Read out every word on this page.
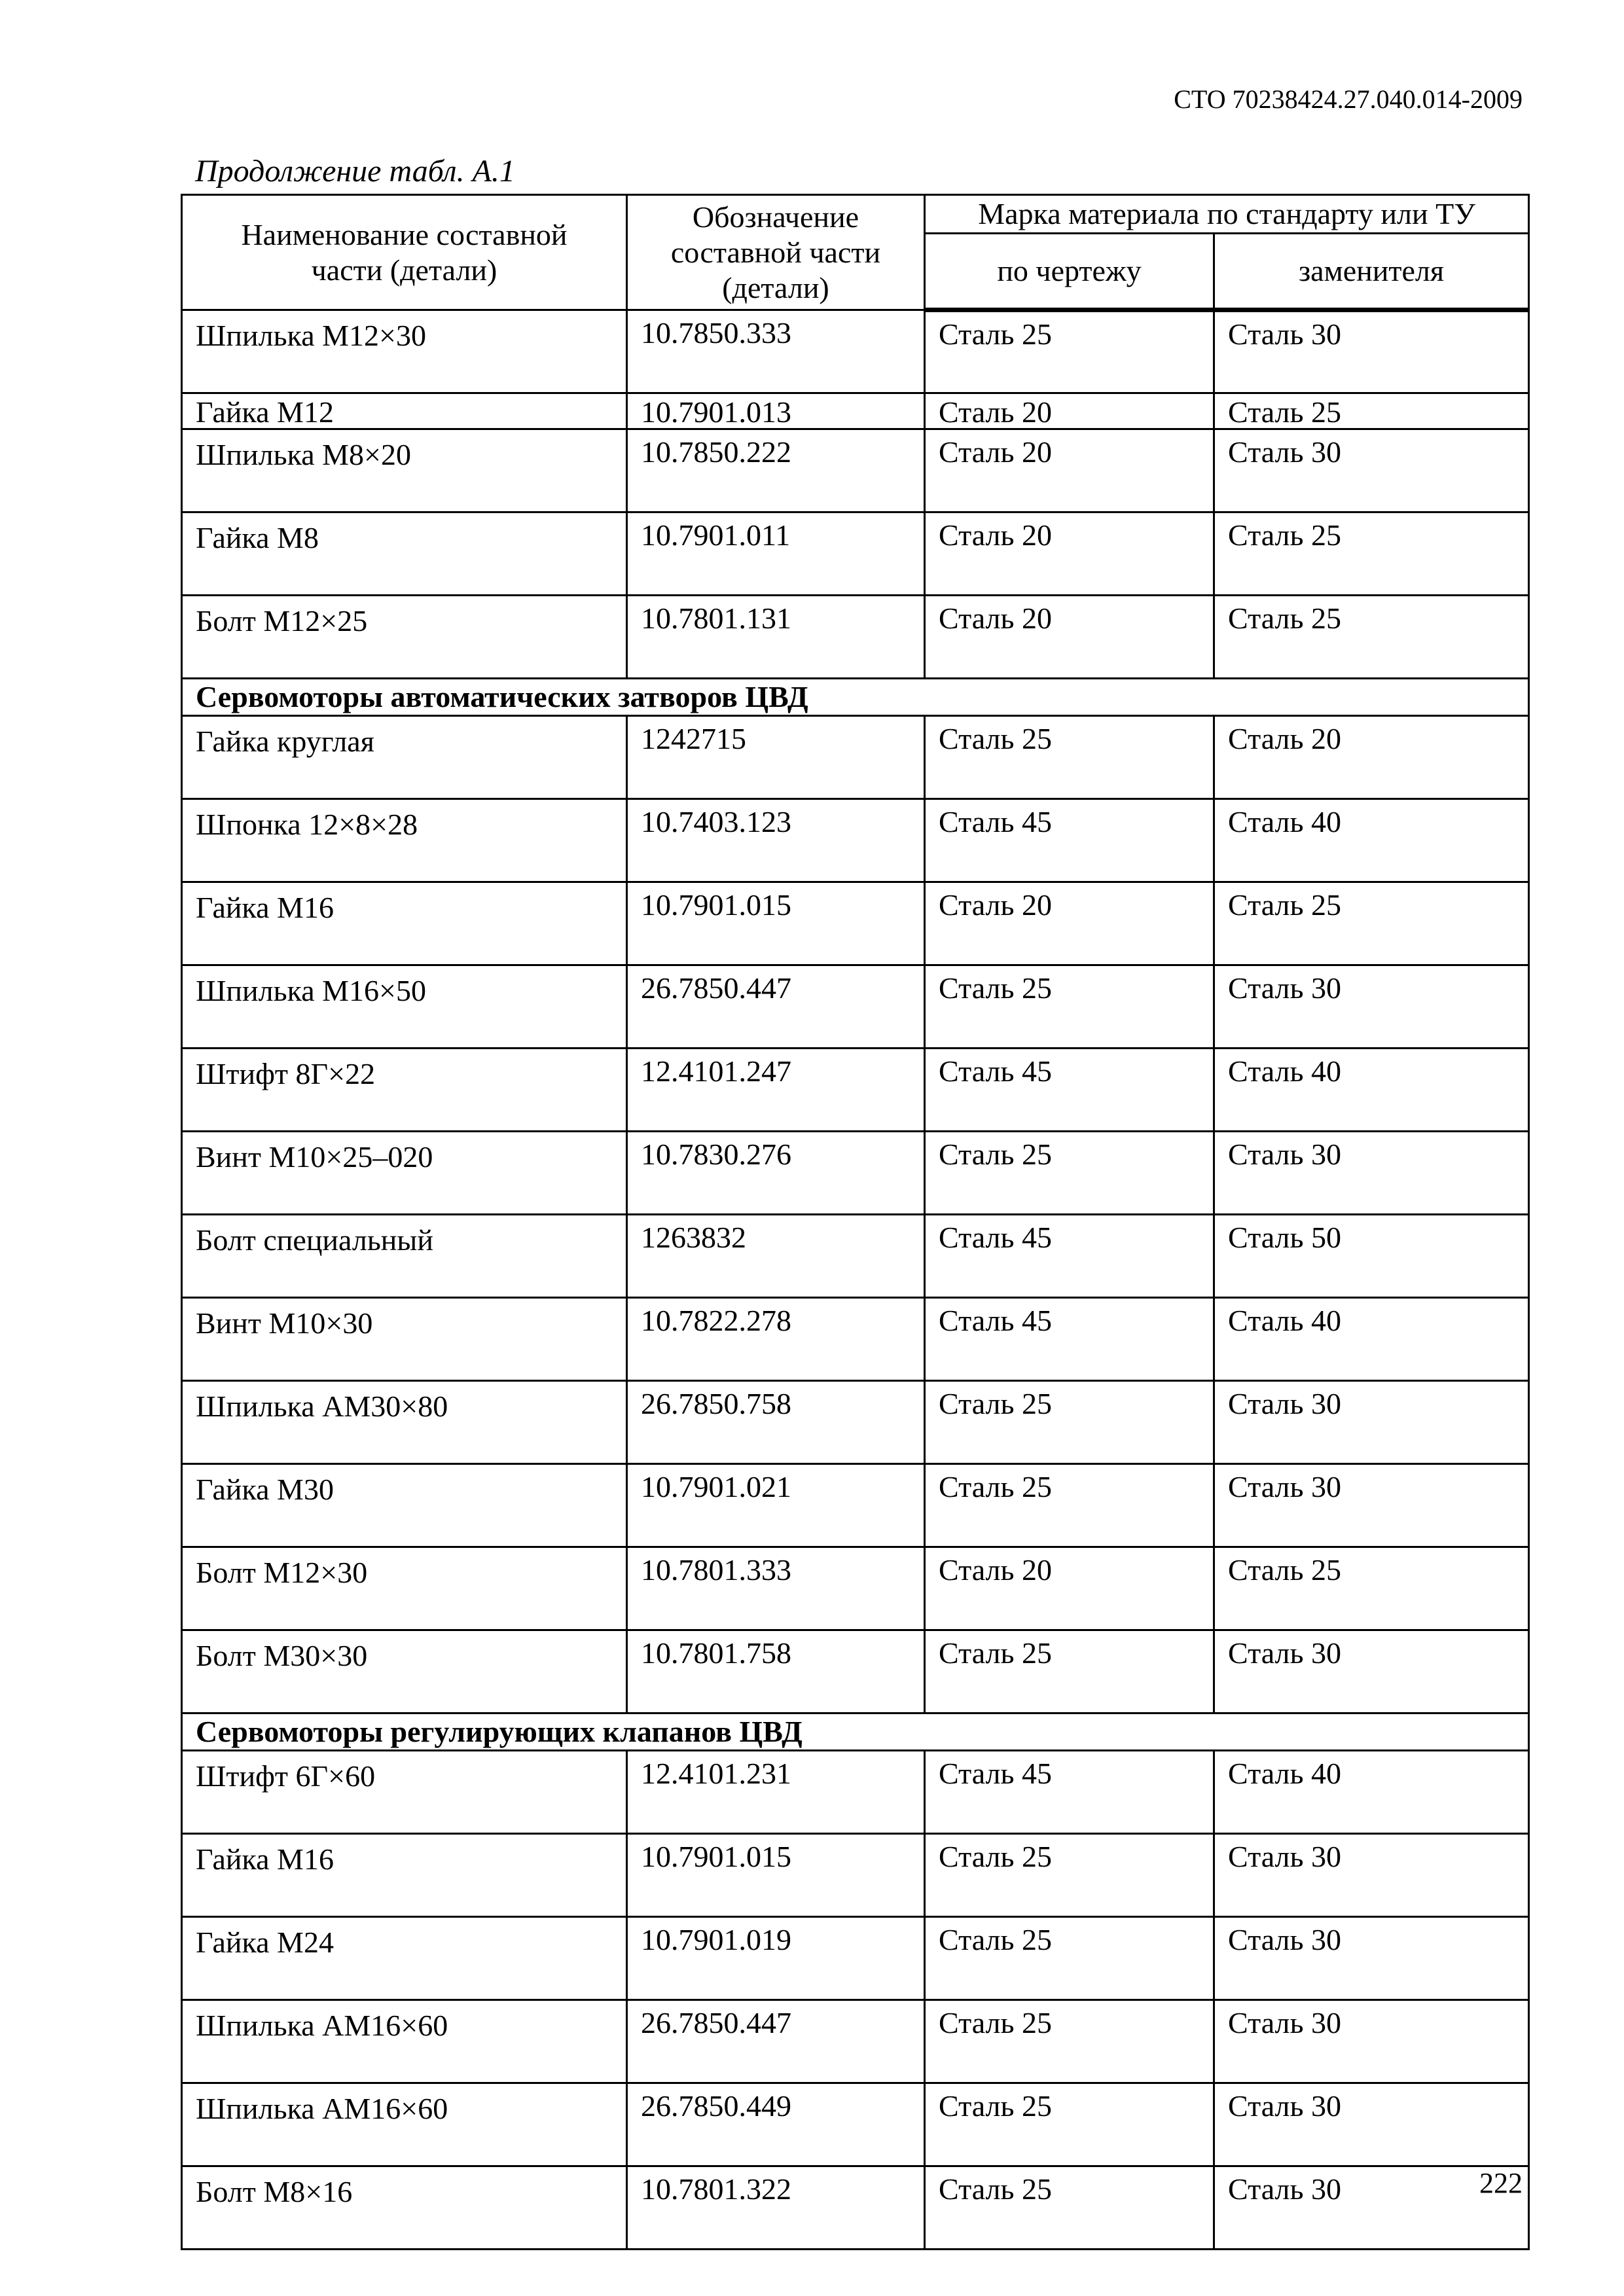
СТО 70238424.27.040.014-2009
Продолжение табл. А.1
Наименование составной части (детали)	Обозначение составной части (детали)	Марка материала по стандарту или ТУ	
		по чертежу	заменителя
Шпилька М12×30	10.7850.333	Сталь 25	Сталь 30
Гайка М12	10.7901.013	Сталь 20	Сталь 25
Шпилька М8×20	10.7850.222	Сталь 20	Сталь 30
Гайка М8	10.7901.011	Сталь 20	Сталь 25
Болт М12×25	10.7801.131	Сталь 20	Сталь 25
Сервомоторы автоматических затворов ЦВД			
Гайка круглая	1242715	Сталь 25	Сталь 20
Шпонка 12×8×28	10.7403.123	Сталь 45	Сталь 40
Гайка М16	10.7901.015	Сталь 20	Сталь 25
Шпилька М16×50	26.7850.447	Сталь 25	Сталь 30
Штифт 8Г×22	12.4101.247	Сталь 45	Сталь 40
Винт М10×25–020	10.7830.276	Сталь 25	Сталь 30
Болт специальный	1263832	Сталь 45	Сталь 50
Винт М10×30	10.7822.278	Сталь 45	Сталь 40
Шпилька АМ30×80	26.7850.758	Сталь 25	Сталь 30
Гайка М30	10.7901.021	Сталь 25	Сталь 30
Болт М12×30	10.7801.333	Сталь 20	Сталь 25
Болт М30×30	10.7801.758	Сталь 25	Сталь 30
Сервомоторы регулирующих клапанов ЦВД			
Штифт 6Г×60	12.4101.231	Сталь 45	Сталь 40
Гайка М16	10.7901.015	Сталь 25	Сталь 30
Гайка М24	10.7901.019	Сталь 25	Сталь 30
Шпилька АМ16×60	26.7850.447	Сталь 25	Сталь 30
Шпилька АМ16×60	26.7850.449	Сталь 25	Сталь 30
Болт М8×16	10.7801.322	Сталь 25	Сталь 30	222
